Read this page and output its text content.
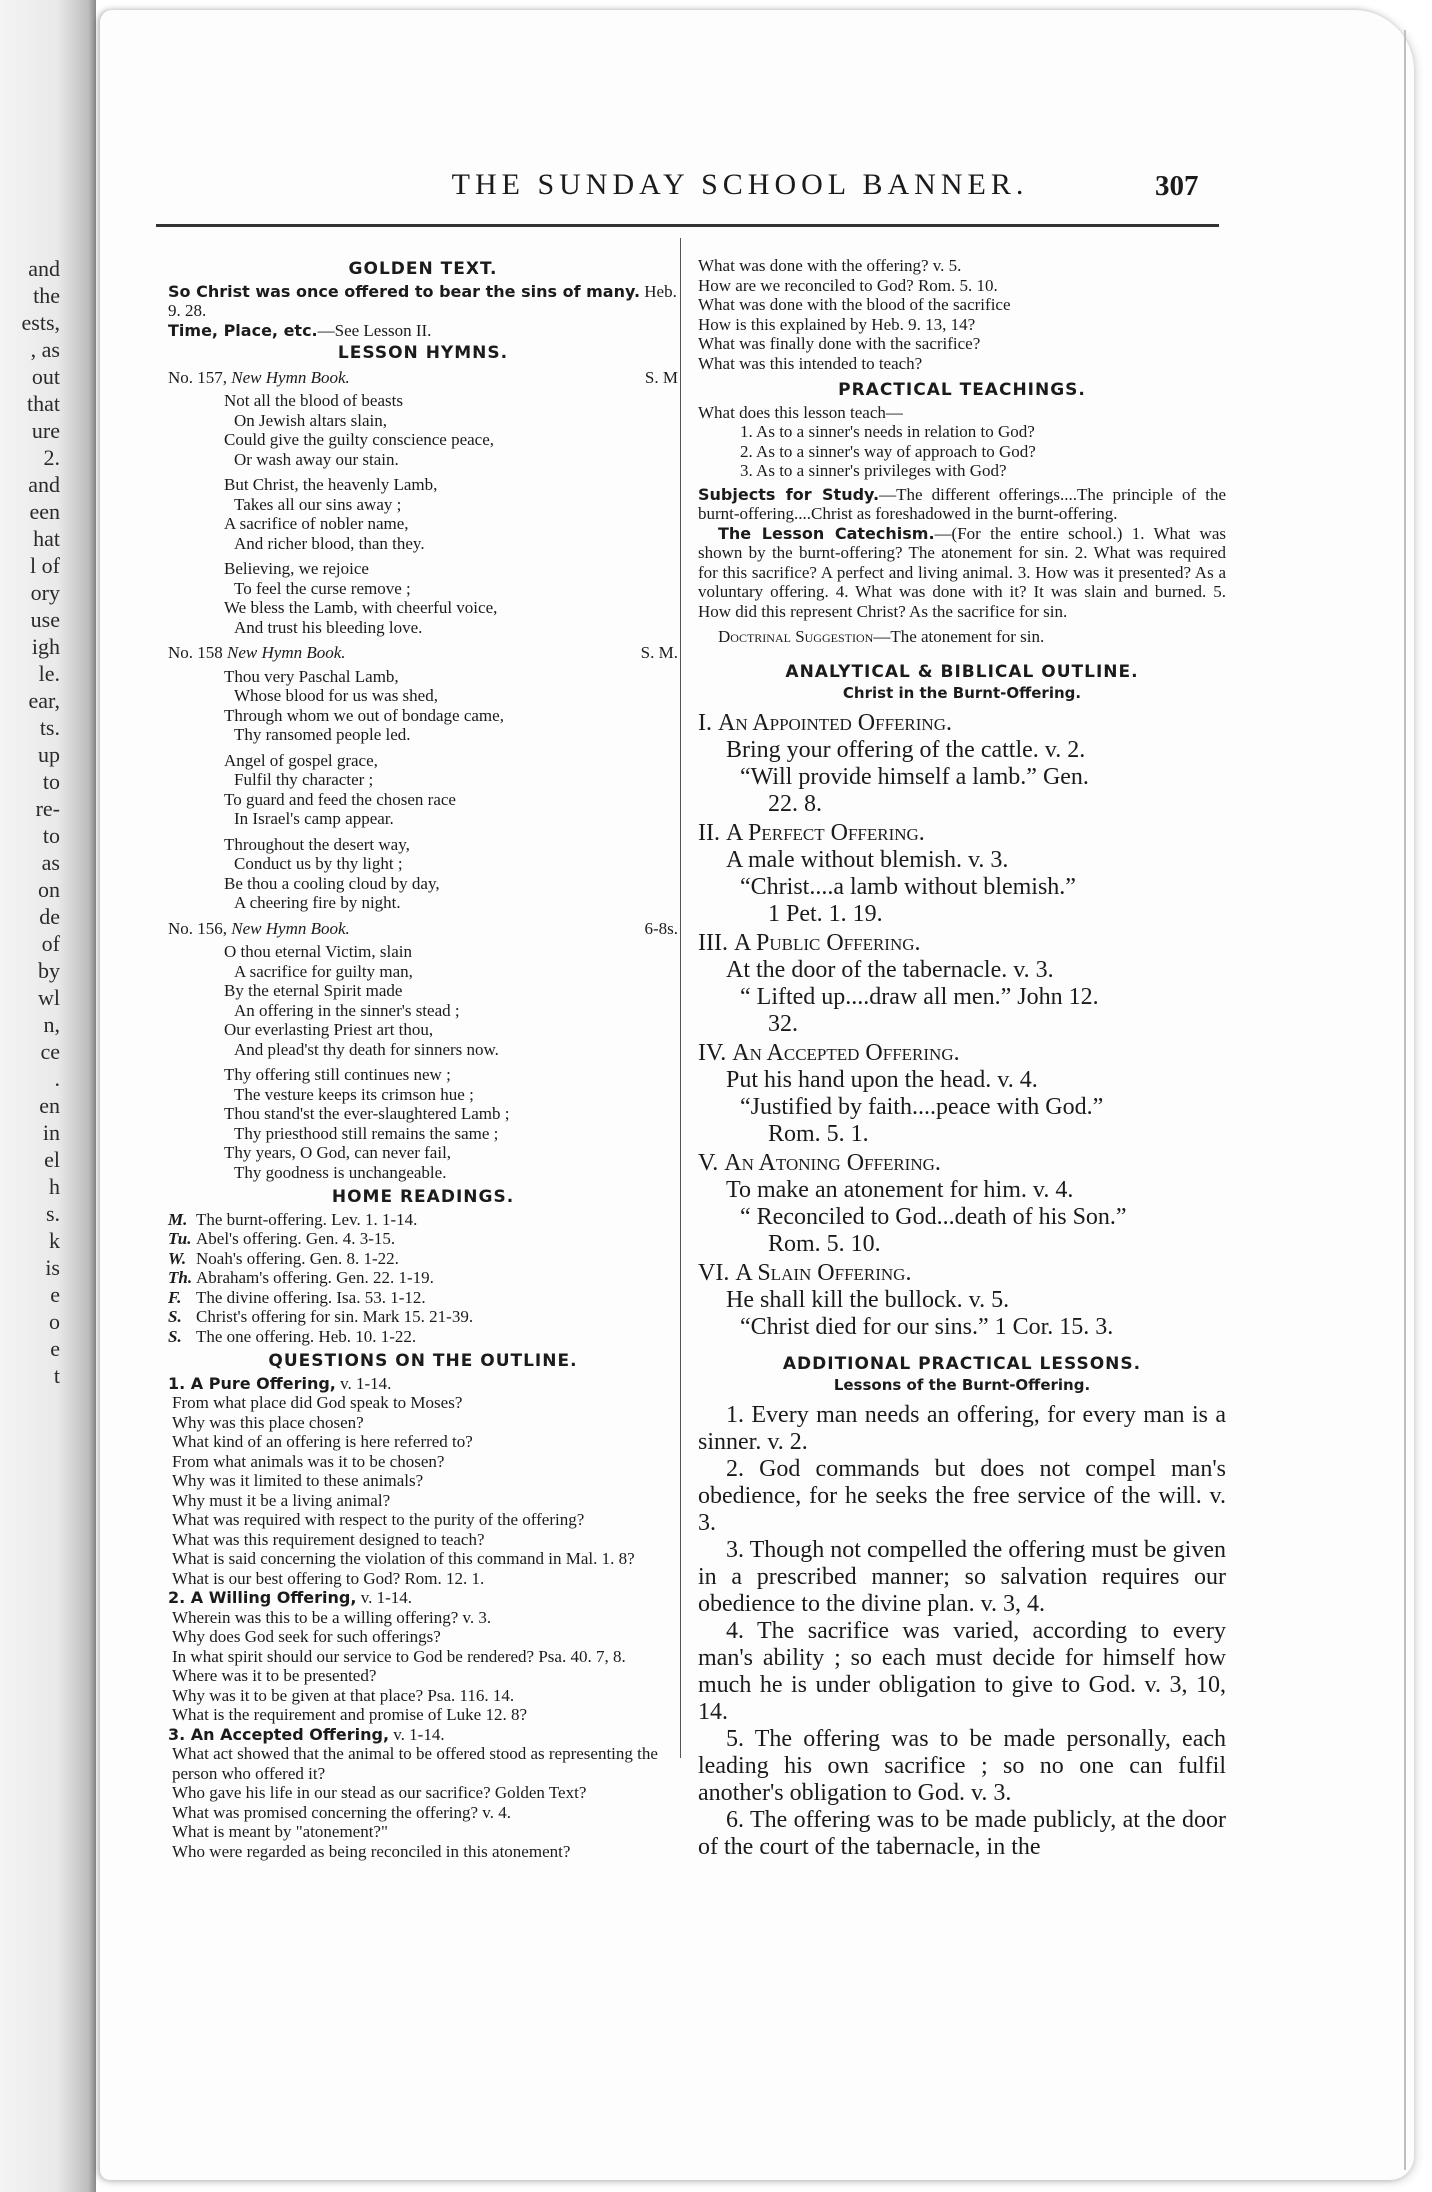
and
the
ests,
, as
out
that
ure
2.
and
een
hat
l of
ory
use
igh
le.
ear,
ts.
up
to
re-
to
as
on
de
of
by
wl
n,
ce
.
en
in
el
h
s.
k
is
e
o
e
t
THE SUNDAY SCHOOL BANNER.	307
GOLDEN TEXT.
So Christ was once offered to bear the sins of many. Heb. 9. 28.
Time, Place, etc.—See Lesson II.
LESSON HYMNS.
No. 157, New Hymn Book.	S. M
Not all the blood of beasts
On Jewish altars slain,
Could give the guilty conscience peace,
Or wash away our stain.
But Christ, the heavenly Lamb,
Takes all our sins away ;
A sacrifice of nobler name,
And richer blood, than they.
Believing, we rejoice
To feel the curse remove ;
We bless the Lamb, with cheerful voice,
And trust his bleeding love.
No. 158 New Hymn Book.	S. M.
Thou very Paschal Lamb,
Whose blood for us was shed,
Through whom we out of bondage came,
Thy ransomed people led.
Angel of gospel grace,
Fulfil thy character ;
To guard and feed the chosen race
In Israel's camp appear.
Throughout the desert way,
Conduct us by thy light ;
Be thou a cooling cloud by day,
A cheering fire by night.
No. 156, New Hymn Book.	6-8s.
O thou eternal Victim, slain
A sacrifice for guilty man,
By the eternal Spirit made
An offering in the sinner's stead ;
Our everlasting Priest art thou,
And plead'st thy death for sinners now.
Thy offering still continues new ;
The vesture keeps its crimson hue ;
Thou stand'st the ever-slaughtered Lamb ;
Thy priesthood still remains the same ;
Thy years, O God, can never fail,
Thy goodness is unchangeable.
HOME READINGS.
M. The burnt-offering. Lev. 1. 1-14.
Tu. Abel's offering. Gen. 4. 3-15.
W. Noah's offering. Gen. 8. 1-22.
Th. Abraham's offering. Gen. 22. 1-19.
F. The divine offering. Isa. 53. 1-12.
S. Christ's offering for sin. Mark 15. 21-39.
S. The one offering. Heb. 10. 1-22.
QUESTIONS ON THE OUTLINE.
1. A Pure Offering, v. 1-14.
From what place did God speak to Moses?
Why was this place chosen?
What kind of an offering is here referred to?
From what animals was it to be chosen?
Why was it limited to these animals?
Why must it be a living animal?
What was required with respect to the purity of the offering?
What was this requirement designed to teach?
What is said concerning the violation of this command in Mal. 1. 8?
What is our best offering to God? Rom. 12. 1.
2. A Willing Offering, v. 1-14.
Wherein was this to be a willing offering? v. 3.
Why does God seek for such offerings?
In what spirit should our service to God be rendered? Psa. 40. 7, 8.
Where was it to be presented?
Why was it to be given at that place? Psa. 116. 14.
What is the requirement and promise of Luke 12. 8?
3. An Accepted Offering, v. 1-14.
What act showed that the animal to be offered stood as representing the person who offered it?
Who gave his life in our stead as our sacrifice? Golden Text?
What was promised concerning the offering? v. 4.
What is meant by "atonement?"
Who were regarded as being reconciled in this atonement?
What was done with the offering? v. 5.
How are we reconciled to God? Rom. 5. 10.
What was done with the blood of the sacrifice
How is this explained by Heb. 9. 13, 14?
What was finally done with the sacrifice?
What was this intended to teach?
PRACTICAL TEACHINGS.
What does this lesson teach—
1. As to a sinner's needs in relation to God?
2. As to a sinner's way of approach to God?
3. As to a sinner's privileges with God?
Subjects for Study.—The different offerings....The principle of the burnt-offering....Christ as foreshadowed in the burnt-offering.
The Lesson Catechism.—(For the entire school.) 1. What was shown by the burnt-offering? The atonement for sin. 2. What was required for this sacrifice? A perfect and living animal. 3. How was it presented? As a voluntary offering. 4. What was done with it? It was slain and burned. 5. How did this represent Christ? As the sacrifice for sin.
Doctrinal Suggestion—The atonement for sin.
ANALYTICAL & BIBLICAL OUTLINE.
Christ in the Burnt-Offering.
I. An Appointed Offering.
Bring your offering of the cattle. v. 2.
“Will provide himself a lamb.” Gen.
22. 8.
II. A Perfect Offering.
A male without blemish. v. 3.
“Christ....a lamb without blemish.”
1 Pet. 1. 19.
III. A Public Offering.
At the door of the tabernacle. v. 3.
“ Lifted up....draw all men.” John 12.
32.
IV. An Accepted Offering.
Put his hand upon the head. v. 4.
“Justified by faith....peace with God.”
Rom. 5. 1.
V. An Atoning Offering.
To make an atonement for him. v. 4.
“ Reconciled to God...death of his Son.”
Rom. 5. 10.
VI. A Slain Offering.
He shall kill the bullock. v. 5.
“Christ died for our sins.” 1 Cor. 15. 3.
ADDITIONAL PRACTICAL LESSONS.
Lessons of the Burnt-Offering.
1. Every man needs an offering, for every man is a sinner. v. 2.
2. God commands but does not compel man's obedience, for he seeks the free service of the will. v. 3.
3. Though not compelled the offering must be given in a prescribed manner; so salvation requires our obedience to the divine plan. v. 3, 4.
4. The sacrifice was varied, according to every man's ability ; so each must decide for himself how much he is under obligation to give to God. v. 3, 10, 14.
5. The offering was to be made personally, each leading his own sacrifice ; so no one can fulfil another's obligation to God. v. 3.
6. The offering was to be made publicly, at the door of the court of the tabernacle, in the
